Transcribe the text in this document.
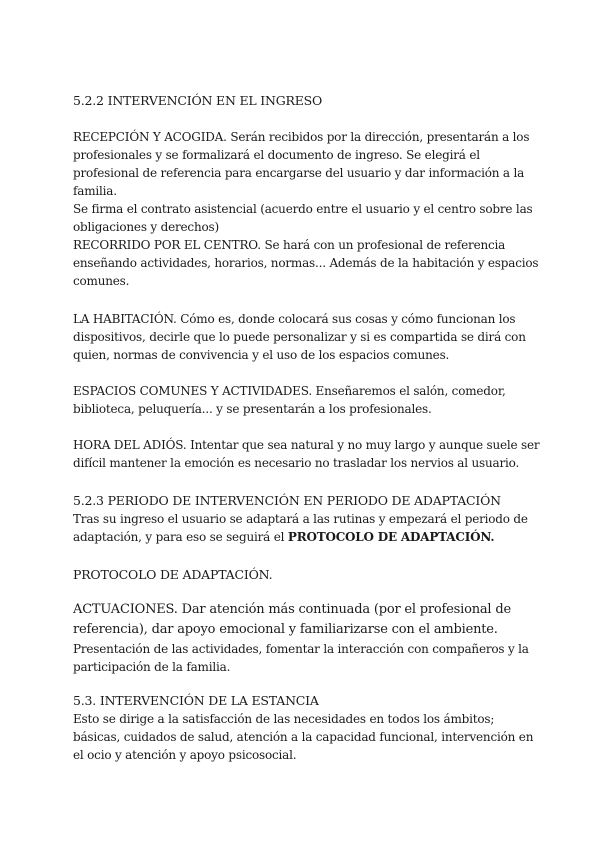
5.2.2 INTERVENCIÓN EN EL INGRESO

RECEPCIÓN Y ACOGIDA. Serán recibidos por la dirección, presentarán a los profesionales y se formalizará el documento de ingreso. Se elegirá el profesional de referencia para encargarse del usuario y dar información a la familia.

Se firma el contrato asistencial (acuerdo entre el usuario y el centro sobre las obligaciones y derechos)

RECORRIDO POR EL CENTRO. Se hará con un profesional de referencia enseñando actividades, horarios, normas... Además de la habitación y espacios comunes.

LA HABITACIÓN. Cómo es, donde colocará sus cosas y cómo funcionan los dispositivos, decirle que lo puede personalizar y si es compartida se dirá con quien, normas de convivencia y el uso de los espacios comunes.

ESPACIOS COMUNES Y ACTIVIDADES. Enseñaremos el salón, comedor, biblioteca, peluquería... y se presentarán a los profesionales.

HORA DEL ADIÓS. Intentar que sea natural y no muy largo y aunque suele ser difícil mantener la emoción es necesario no trasladar los nervios al usuario.

5.2.3 PERIODO DE INTERVENCIÓN EN PERIODO DE ADAPTACIÓN

Tras su ingreso el usuario se adaptará a las rutinas y empezará el periodo de adaptación, y para eso se seguirá el PROTOCOLO DE ADAPTACIÓN.

PROTOCOLO DE ADAPTACIÓN.

ACTUACIONES. Dar atención más continuada (por el profesional de referencia), dar apoyo emocional y familiarizarse con el ambiente.

Presentación de las actividades, fomentar la interacción con compañeros y la participación de la familia.

5.3. INTERVENCIÓN DE LA ESTANCIA

Esto se dirige a la satisfacción de las necesidades en todos los ámbitos; básicas, cuidados de salud, atención a la capacidad funcional, intervención en el ocio y atención y apoyo psicosocial.
